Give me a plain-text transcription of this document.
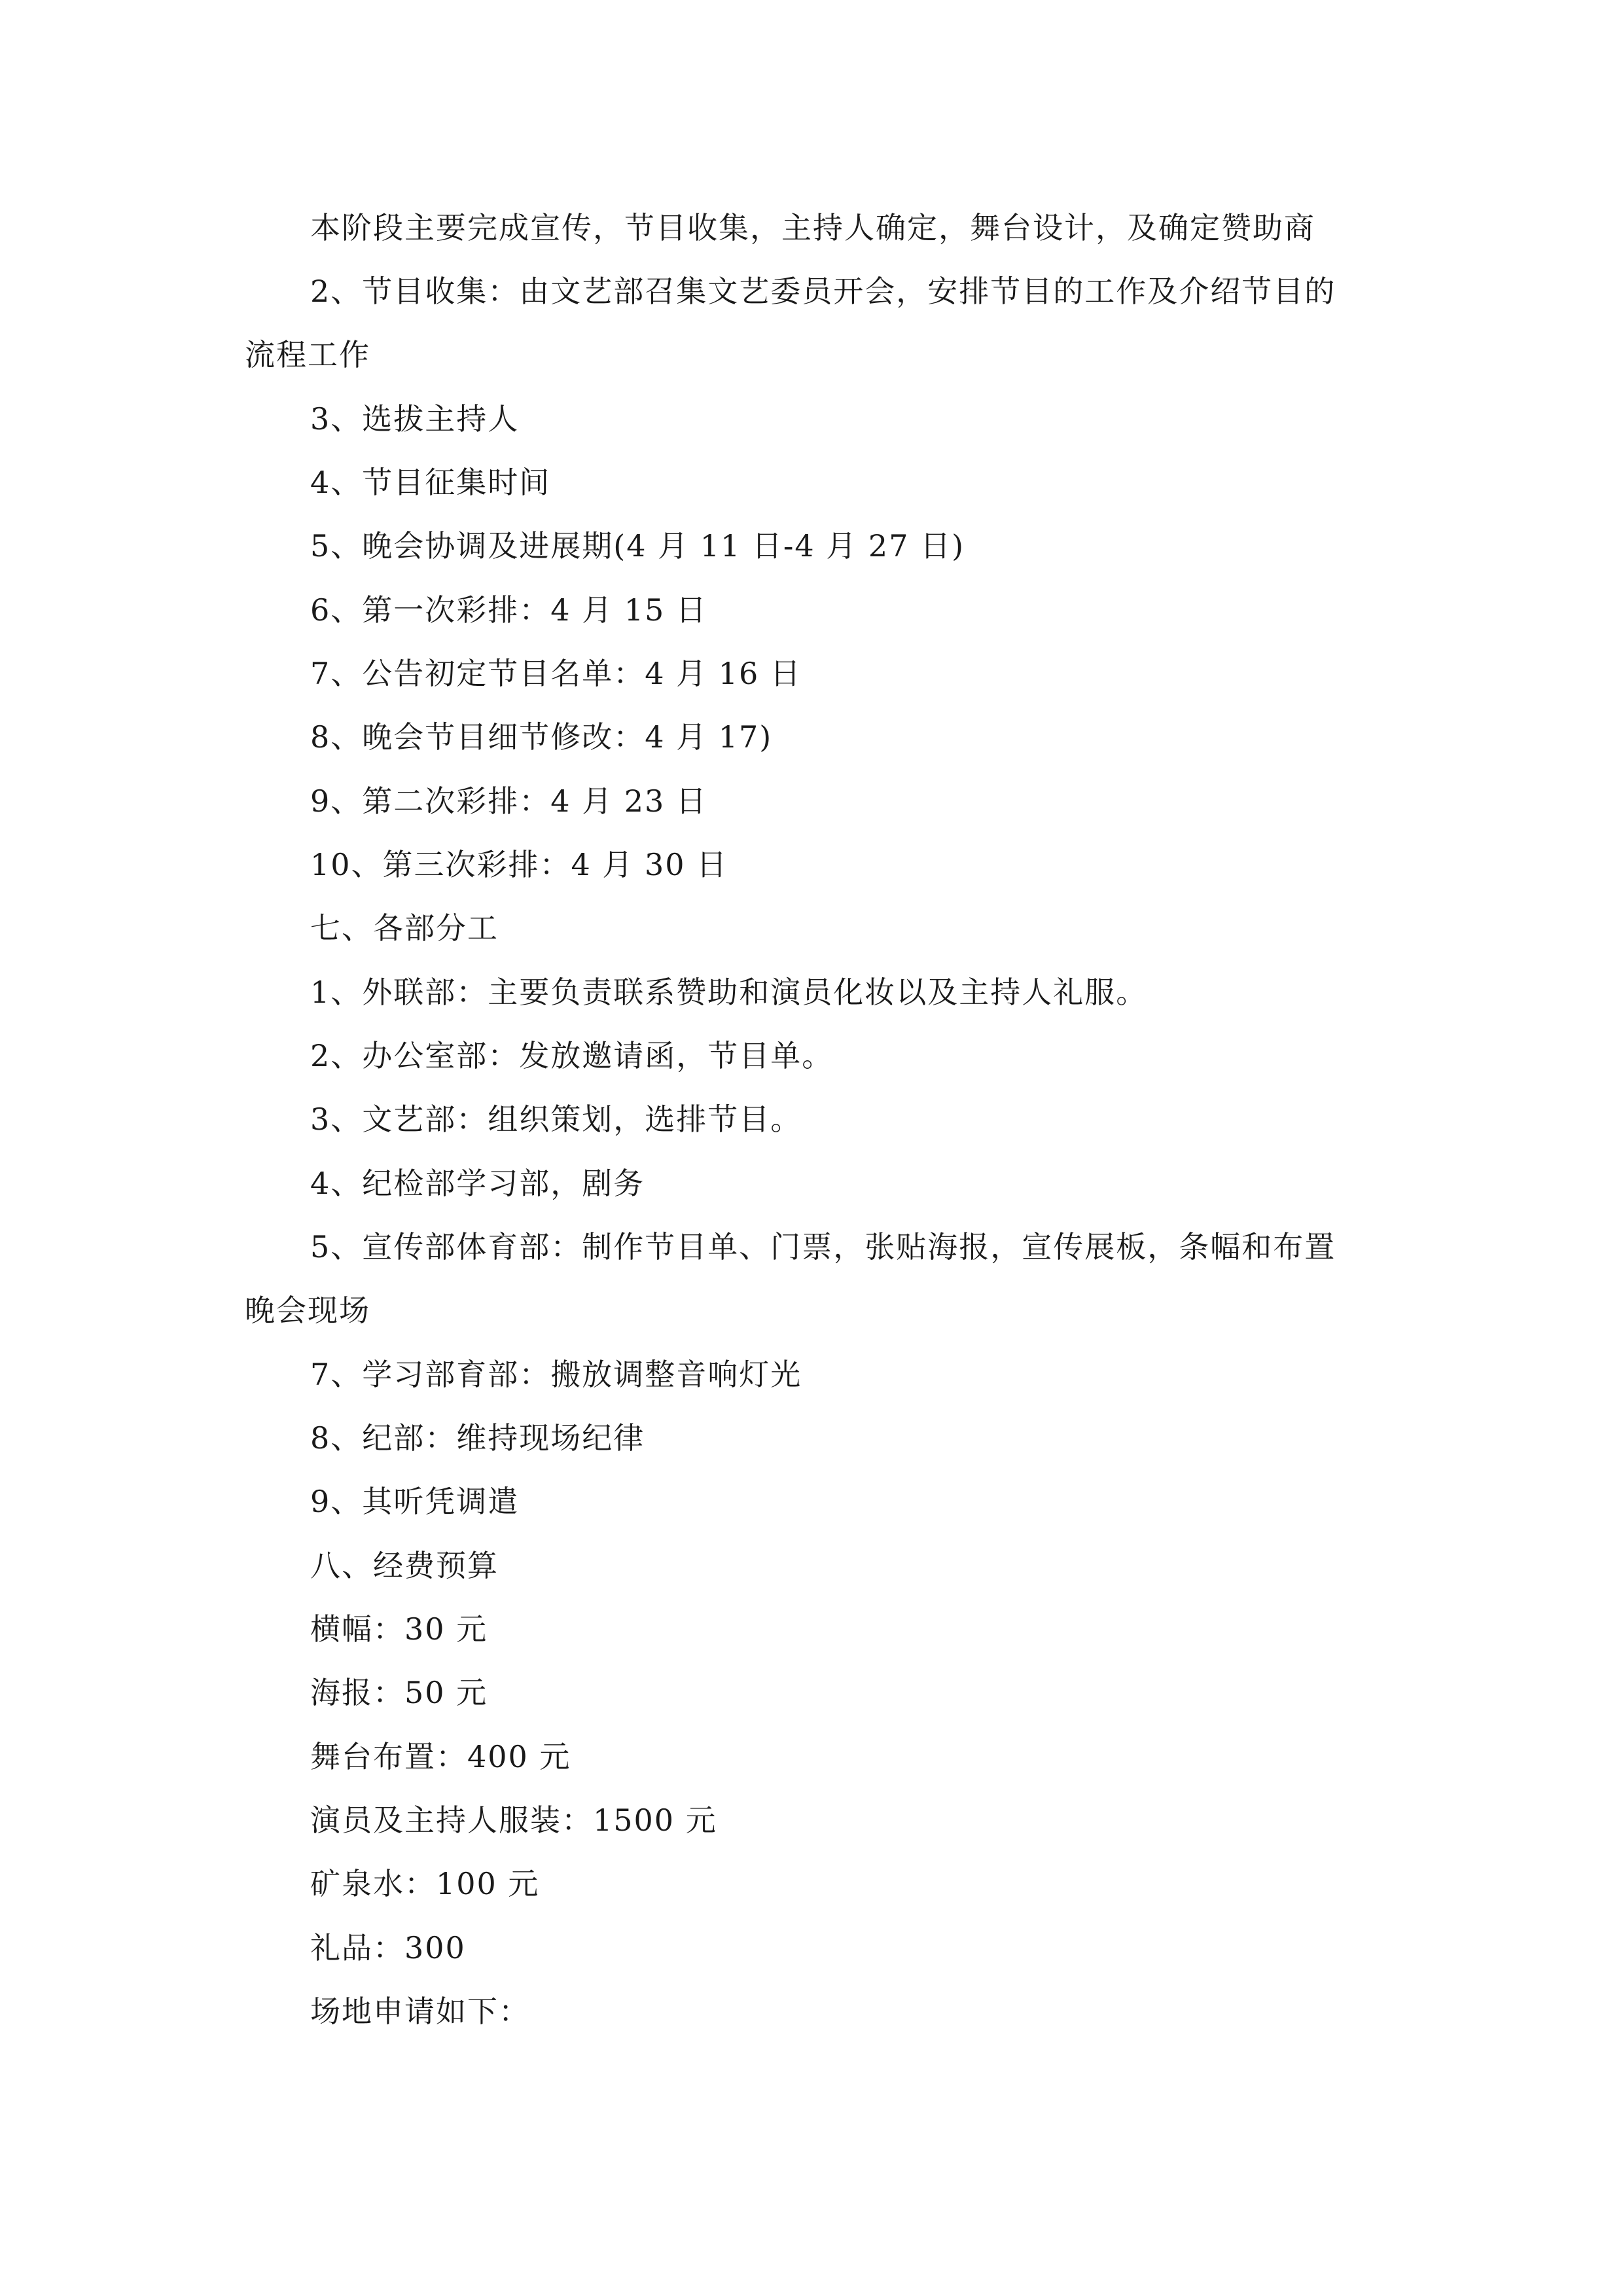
本阶段主要完成宣传，节目收集，主持人确定，舞台设计，及确定赞助商
2、节目收集：由文艺部召集文艺委员开会，安排节目的工作及介绍节目的
流程工作
3、选拔主持人
4、节目征集时间
5、晚会协调及进展期(4 月 11 日-4 月 27 日)
6、第一次彩排：4 月 15 日
7、公告初定节目名单：4 月 16 日
8、晚会节目细节修改：4 月 17)
9、第二次彩排：4 月 23 日
10、第三次彩排：4 月 30 日
七、各部分工
1、外联部：主要负责联系赞助和演员化妆以及主持人礼服。
2、办公室部：发放邀请函，节目单。
3、文艺部：组织策划，选排节目。
4、纪检部学习部，剧务
5、宣传部体育部：制作节目单、门票，张贴海报，宣传展板，条幅和布置
晚会现场
7、学习部育部：搬放调整音响灯光
8、纪部：维持现场纪律
9、其听凭调遣
八、经费预算
横幅：30 元
海报：50 元
舞台布置：400 元
演员及主持人服装：1500 元
矿泉水：100 元
礼品：300
场地申请如下：
